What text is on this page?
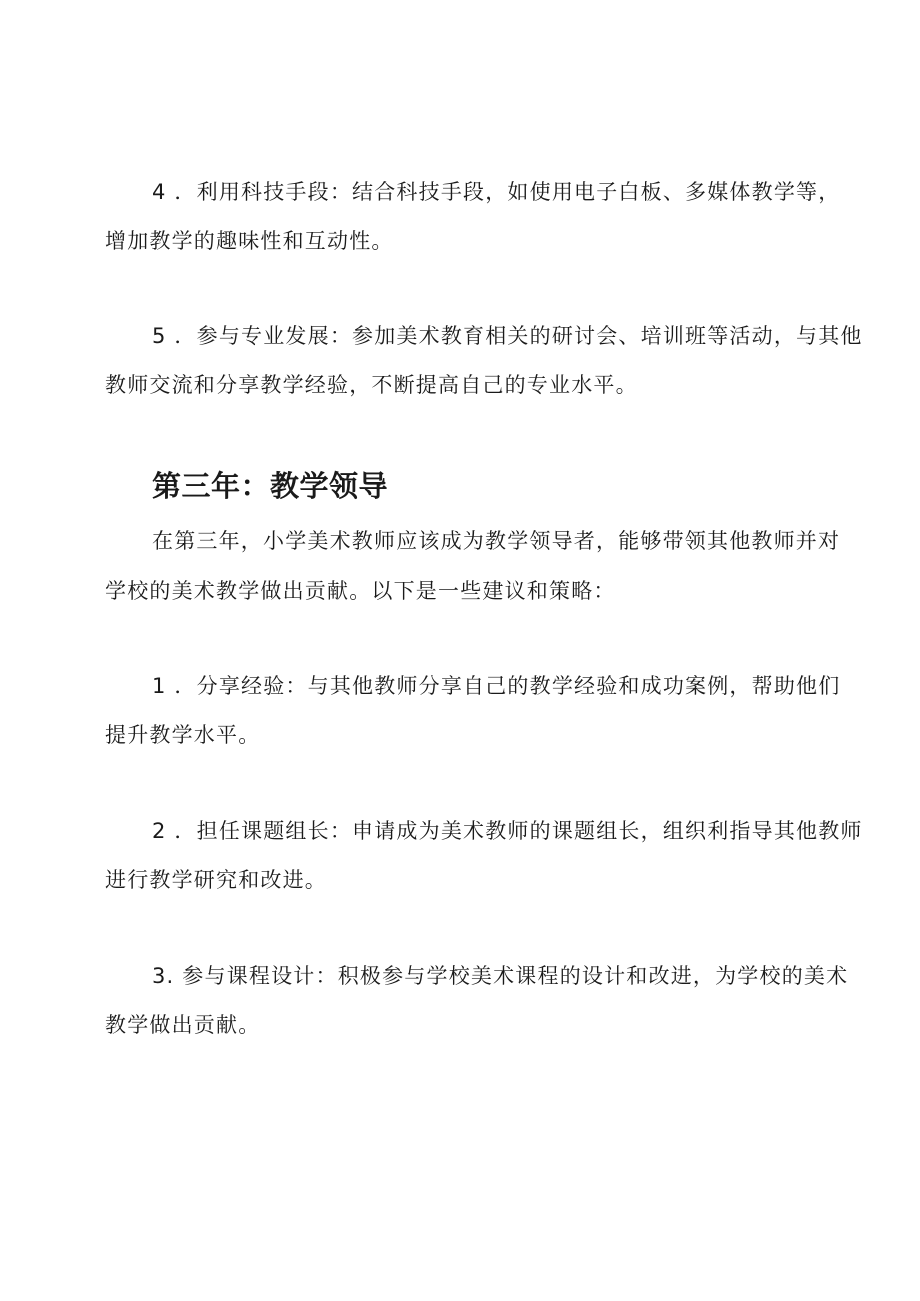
4 ．利用科技手段：结合科技手段，如使用电子白板、多媒体教学等，
增加教学的趣味性和互动性。
5 ．参与专业发展：参加美术教育相关的研讨会、培训班等活动，与其他
教师交流和分享教学经验，不断提高自己的专业水平。
第三年：教学领导
在第三年，小学美术教师应该成为教学领导者，能够带领其他教师并对
学校的美术教学做出贡献。以下是一些建议和策略：
1 ．分享经验：与其他教师分享自己的教学经验和成功案例，帮助他们
提升教学水平。
2 ．担任课题组长：申请成为美术教师的课题组长，组织利指导其他教师
进行教学研究和改进。
3. 参与课程设计：积极参与学校美术课程的设计和改进，为学校的美术
教学做出贡献。
